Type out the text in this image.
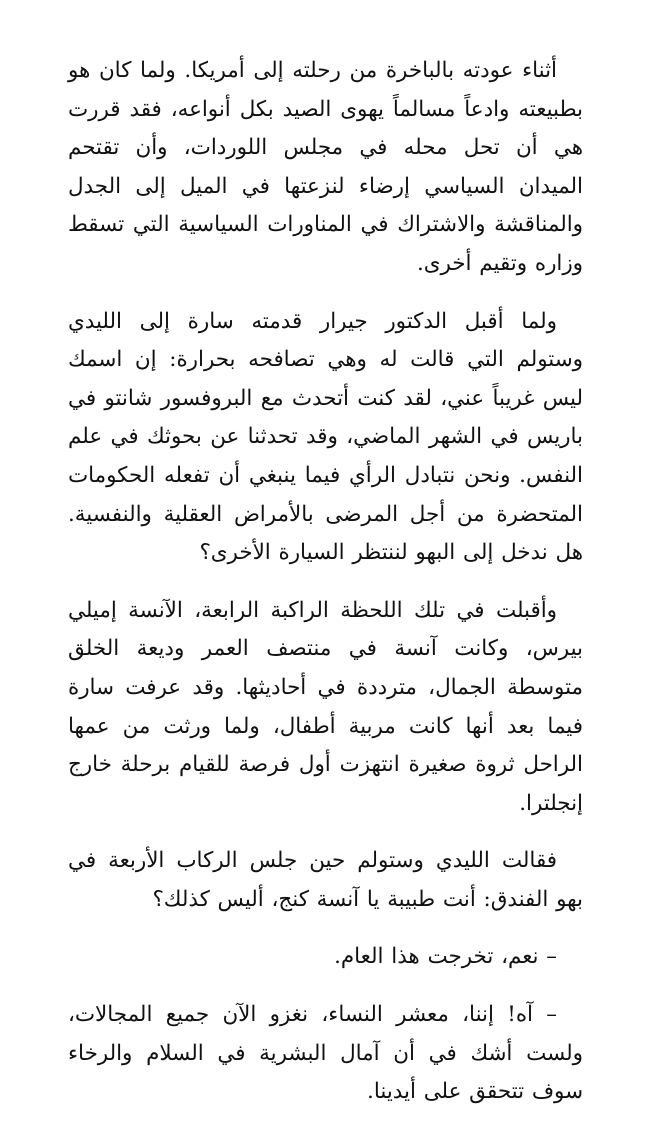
أثناء عودته بالباخرة من رحلته إلى أمريكا. ولما كان هو بطبيعته وادعاً مسالماً يهوى الصيد بكل أنواعه، فقد قررت هي أن تحل محله في مجلس اللوردات، وأن تقتحم الميدان السياسي إرضاء لنزعتها في الميل إلى الجدل والمناقشة والاشتراك في المناورات السياسية التي تسقط وزاره وتقيم أخرى.

ولما أقبل الدكتور جيرار قدمته سارة إلى الليدي وستولم التي قالت له وهي تصافحه بحرارة: إن اسمك ليس غريباً عني، لقد كنت أتحدث مع البروفسور شانتو في باريس في الشهر الماضي، وقد تحدثنا عن بحوثك في علم النفس. ونحن نتبادل الرأي فيما ينبغي أن تفعله الحكومات المتحضرة من أجل المرضى بالأمراض العقلية والنفسية. هل ندخل إلى البهو لننتظر السيارة الأخرى؟

وأقبلت في تلك اللحظة الراكبة الرابعة، الآنسة إميلي بيرس، وكانت آنسة في منتصف العمر وديعة الخلق متوسطة الجمال، مترددة في أحاديثها. وقد عرفت سارة فيما بعد أنها كانت مربية أطفال، ولما ورثت من عمها الراحل ثروة صغيرة انتهزت أول فرصة للقيام برحلة خارج إنجلترا.

فقالت الليدي وستولم حين جلس الركاب الأربعة في بهو الفندق: أنت طبيبة يا آنسة كنج، أليس كذلك؟

– نعم، تخرجت هذا العام.

– آه! إننا، معشر النساء، نغزو الآن جميع المجالات، ولست أشك في أن آمال البشرية في السلام والرخاء سوف تتحقق على أيدينا.
